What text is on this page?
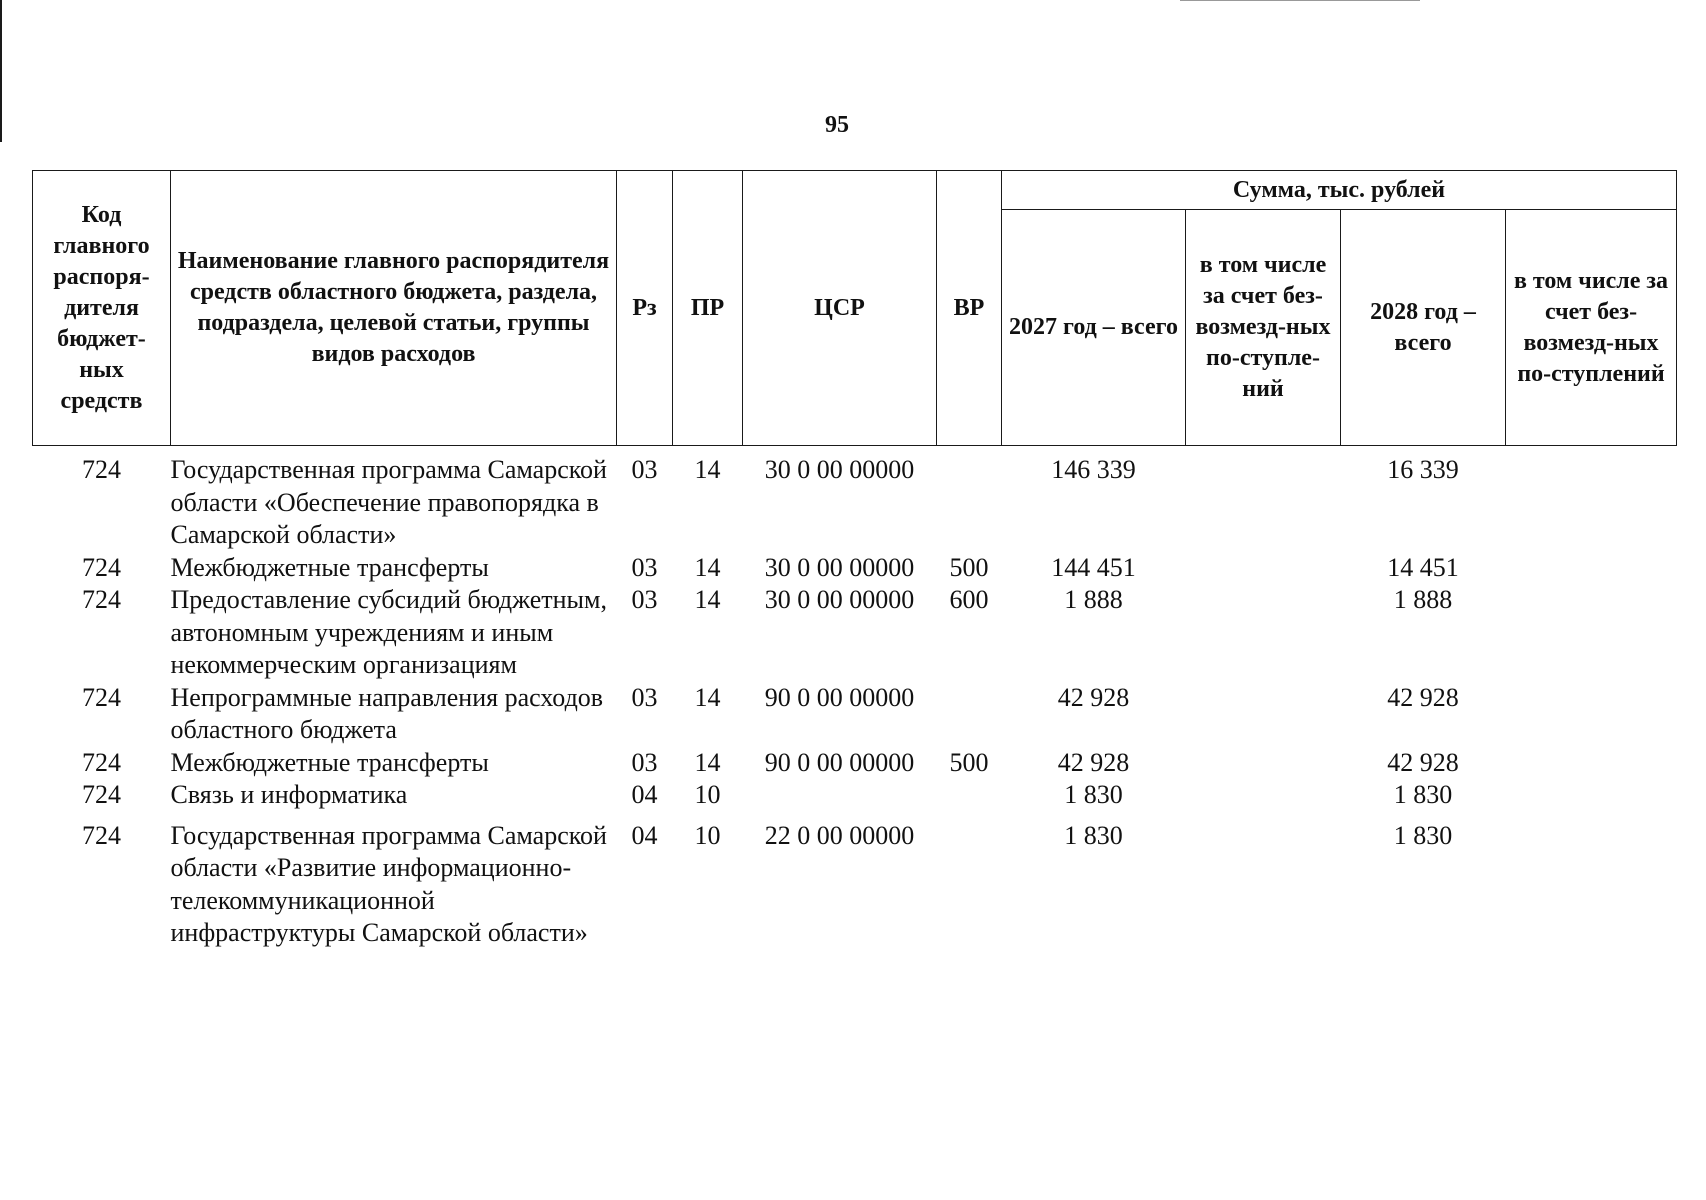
95
Код главного распоря-дителя бюджет-ных средств	Наименование главного распорядителя средств областного бюджета, раздела, подраздела, целевой статьи, группы видов расходов	Рз	ПР	ЦСР	ВР	Сумма, тыс. рублей			
						2027 год – всего	в том числе за счет без-возмезд-ных по-ступле-ний	2028 год – всего	в том числе за счет без-возмезд-ных по-ступлений
724	Государственная программа Самарской области «Обеспечение правопорядка в Самарской области»	03	14	30 0 00 00000		146 339		16 339	
724	Межбюджетные трансферты	03	14	30 0 00 00000	500	144 451		14 451	
724	Предоставление субсидий бюджетным, автономным учреждениям и иным некоммерческим организациям	03	14	30 0 00 00000	600	1 888		1 888	
724	Непрограммные направления расходов областного бюджета	03	14	90 0 00 00000		42 928		42 928	
724	Межбюджетные трансферты	03	14	90 0 00 00000	500	42 928		42 928	
724	Связь и информатика	04	10			1 830		1 830	
724	Государственная программа Самарской области «Развитие информационно-телекоммуникационной инфраструктуры Самарской области»	04	10	22 0 00 00000		1 830		1 830	
